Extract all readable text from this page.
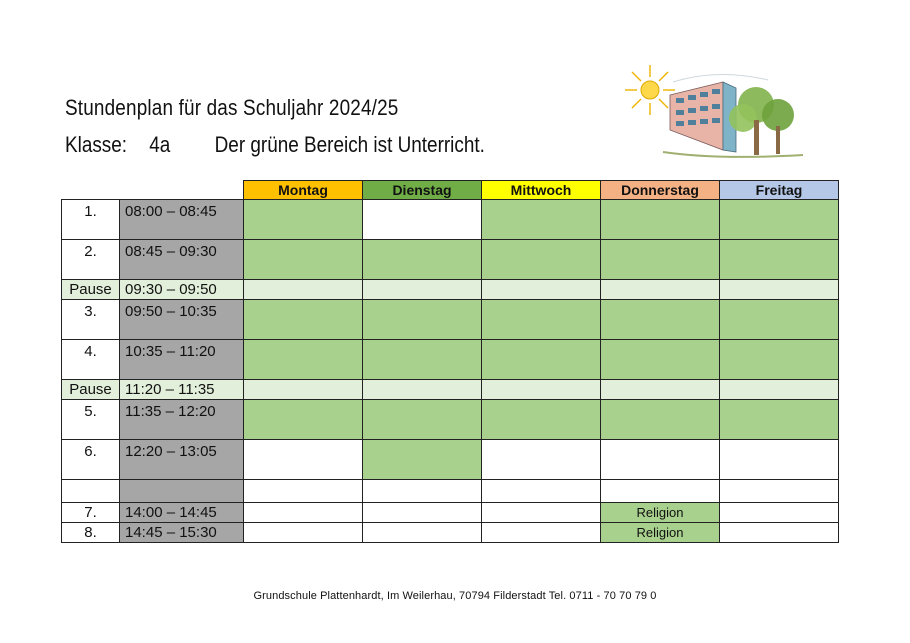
Stundenplan für das Schuljahr 2024/25
Klasse: 4a Der grüne Bereich ist Unterricht.
		Montag	Dienstag	Mittwoch	Donnerstag	Freitag
1.	08:00 – 08:45					
2.	08:45 – 09:30					
Pause	09:30 – 09:50					
3.	09:50 – 10:35					
4.	10:35 – 11:20					
Pause	11:20 – 11:35					
5.	11:35 – 12:20					
6.	12:20 – 13:05					

7.	14:00 – 14:45				Religion	
8.	14:45 – 15:30				Religion	
Grundschule Plattenhardt, Im Weilerhau, 70794 Filderstadt Tel. 0711 - 70 70 79 0
